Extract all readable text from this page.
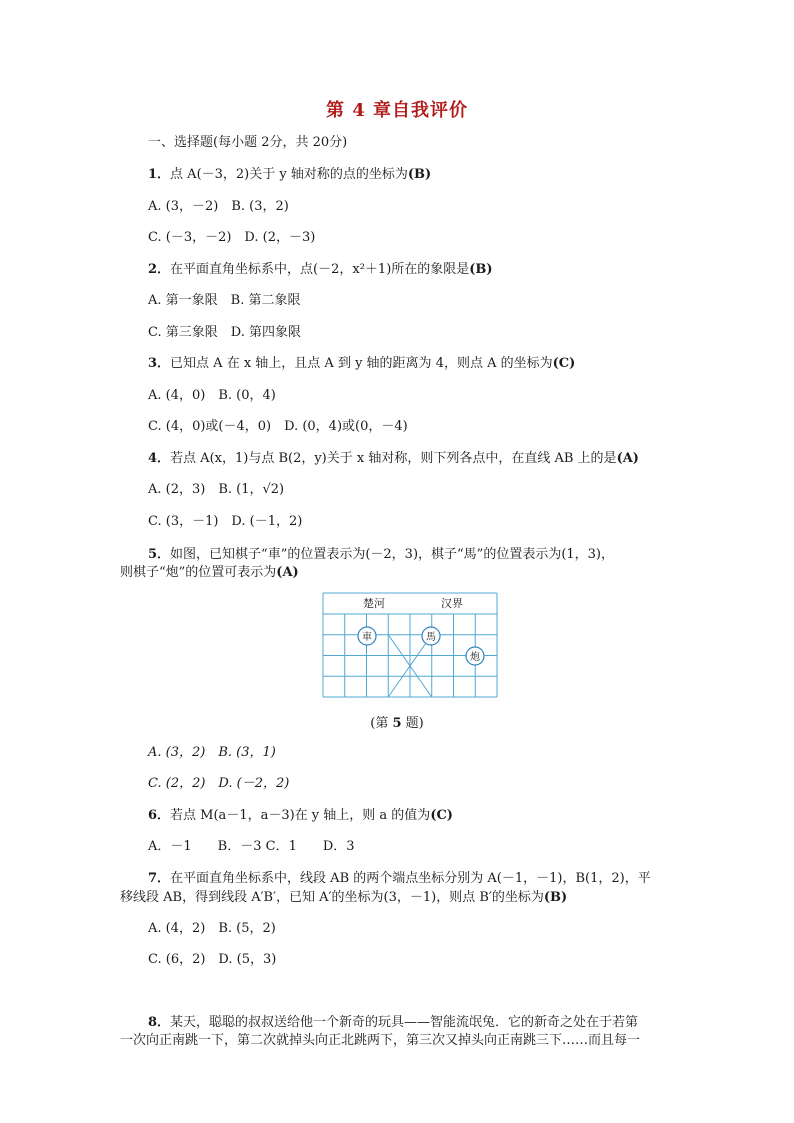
第 4 章自我评价
一、选择题(每小题 2分，共 20分)
1．点 A(－3，2)关于 y 轴对称的点的坐标为(B)
A. (3，－2)　B. (3，2)
C. (－3，－2)　D. (2，－3)
2．在平面直角坐标系中，点(－2，x²＋1)所在的象限是(B)
A. 第一象限　B. 第二象限
C. 第三象限　D. 第四象限
3．已知点 A 在 x 轴上，且点 A 到 y 轴的距离为 4，则点 A 的坐标为(C)
A. (4，0)　B. (0，4)
C. (4，0)或(－4，0)　D. (0，4)或(0，－4)
4．若点 A(x，1)与点 B(2，y)关于 x 轴对称，则下列各点中，在直线 AB 上的是(A)
A. (2，3)　B. (1，√2)
C. (3，－1)　D. (－1，2)
5．如图，已知棋子“車”的位置表示为(－2，3)，棋子“馬”的位置表示为(1，3)，
则棋子“炮”的位置可表示为(A)
楚河	汉界
車	馬
炮
(第 5 题)
A. (3，2)　B. (3，1)
C. (2，2)　D. (－2，2)
6．若点 M(a－1，a－3)在 y 轴上，则 a 的值为(C)
A．－1　　B．－3 C．1　　D．3
7．在平面直角坐标系中，线段 AB 的两个端点坐标分别为 A(－1，－1)，B(1，2)，平
移线段 AB，得到线段 A′B′，已知 A′的坐标为(3，－1)，则点 B′的坐标为(B)
A. (4，2)　B. (5，2)
C. (6，2)　D. (5，3)
8．某天，聪聪的叔叔送给他一个新奇的玩具——智能流氓兔．它的新奇之处在于若第
一次向正南跳一下，第二次就掉头向正北跳两下，第三次又掉头向正南跳三下……而且每一
